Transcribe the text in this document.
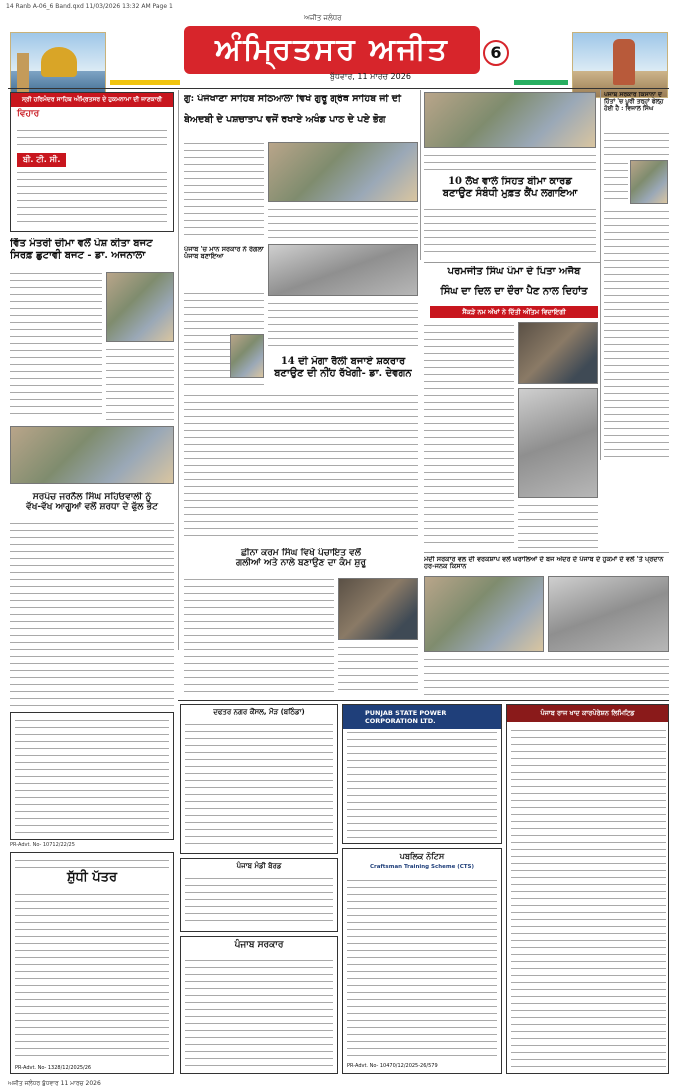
14 Ranb A-06_6 Band.qxd 11/03/2026 13:32 AM Page 1
ਅਜੀਤ ਜਲੰਧਰ
ਅੰਮ੍ਰਿਤਸਰ ਅਜੀਤ	6
ਬੁੱਧਵਾਰ, 11 ਮਾਰਚ 2026
ਸ੍ਰੀ ਹਰਿਮੰਦਰ ਸਾਹਿਬ ਅੰਮ੍ਰਿਤਸਰ ਦੇ ਹੁਕਮਨਾਮਾ ਦੀ ਜਾਣਕਾਰੀ
ਵਿਹਾਰ
ਬੀ. ਟੀ. ਸੀ.
ਵਿੱਤ ਮੰਤਰੀ ਚੀਮਾ ਵਲੋਂ ਪੇਸ਼ ਕੀਤਾ ਬਜਟ
ਸਿਰਫ਼ ਛੁਟਾਵੀ ਬਜਟ - ਡਾ. ਅਜਨਾਲਾ
ਸਰਪੰਚ ਜਰਨੈਲ ਸਿੰਘ ਸਹਿਓਵਾਲੀ ਨੂੰ
ਵੱਖ-ਵੱਖ ਆਗੂਆਂ ਵਲੋਂ ਸ਼ਰਧਾ ਦੇ ਫੁੱਲ ਭੇਟ
PR-Advt. No- 10712/22/25
ਸ਼ੁੱਧੀ ਪੱਤਰ
PR-Advt. No- 1328/12/2025/26
ਗੁ: ਪੰਜੋਖਾਣਾ ਸਾਹਿਬ ਸਠਿਆਲਾ ਵਿਖੇ ਗੁਰੂ ਗ੍ਰੰਥ ਸਾਹਿਬ ਜੀ ਦੀ
ਬੇਅਦਬੀ ਦੇ ਪਸ਼ਚਾਤਾਪ ਵਜੋਂ ਰਖਾਏ ਅਖੰਡ ਪਾਠ ਦੇ ਪਏ ਭੋਗ
ਪੰਜਾਬ 'ਚ ਮਾਨ ਸਰਕਾਰ ਨੇ ਰੰਗਲਾ ਪੰਜਾਬ ਬਣਾਇਆ
14 ਦੀ ਮੋਗਾ ਰੈਲੀ ਬਜਾਏ ਸ਼ਕਰਾਰ
ਬਣਾਉਣ ਦੀ ਨੀਂਹ ਰੱਖੇਗੀ- ਡਾ. ਦੇਵਗਨ
ਛੀਨਾ ਕਰਮ ਸਿੰਘ ਵਿਖੇ ਪੰਚਾਇਤ ਵਲੋਂ
ਗਲੀਆਂ ਅਤੇ ਨਾਲੇ ਬਣਾਉਣ ਦਾ ਕੰਮ ਸ਼ੁਰੂ
10 ਲੱਖ ਵਾਲੇ ਸਿਹਤ ਬੀਮਾ ਕਾਰਡ
ਬਣਾਉਣ ਸੰਬੰਧੀ ਮੁਫ਼ਤ ਕੈਂਪ ਲਗਾਇਆ
ਪੰਜਾਬ ਸਰਕਾਰ ਕਿਸਾਨਾਂ ਦੇ ਹਿੱਤਾਂ 'ਚ ਪੂਰੀ ਤਰ੍ਹਾਂ ਫੇਲ੍ਹ ਹੋਈ ਹੈ : ਵਿਜਾਲ ਸਿੰਘ
ਪਰਮਜੀਤ ਸਿੰਘ ਪੰਮਾ ਦੇ ਪਿਤਾ ਅਜੈਬ
ਸਿੰਘ ਦਾ ਦਿਲ ਦਾ ਦੌਰਾ ਪੈਣ ਨਾਲ ਦਿਹਾਂਤ
ਸੈਂਕੜੇ ਨਮ ਅੱਖਾਂ ਨੇ ਦਿੱਤੀ ਅੰਤਿਮ ਵਿਦਾਇਗੀ
ਮੋਦੀ ਸਰਕਾਰ ਵਲ ਦੀ ਵਰਕਸ਼ਾਪ ਵਲੋਂ ਘਰਾਲਿਆਂ ਦੇ ਬਜ ਅੰਦਰ ਦੇ ਪੰਜਾਬ ਦੇ ਹੁਕਮਾਂ ਦੇ ਵਲੋਂ 'ਤੇ ਪ੍ਰਦਾਨ ਹਰ-ਜਨਕ ਕਿਸਾਨ
ਦਫਤਰ ਨਗਰ ਕੌਂਸਲ, ਮੌੜ (ਬਠਿੰਡਾ)
ਪੰਜਾਬ ਮੰਡੀ ਬੋਰਡ
ਪੰਜਾਬ ਸਰਕਾਰ
PUNJAB STATE POWER CORPORATION LTD.
ਪਬਲਿਕ ਨੋਟਿਸ
Craftsman Training Scheme (CTS)
PR-Advt. No- 10470/12/2025-26/579
ਪੰਜਾਬ ਰਾਜ ਖਾਦ ਕਾਰਪੋਰੇਸ਼ਨ ਲਿਮਿਟਿਡ
ਅਜੀਤ ਜਲੰਧਰ ਬੁੱਧਵਾਰ 11 ਮਾਰਚ 2026
